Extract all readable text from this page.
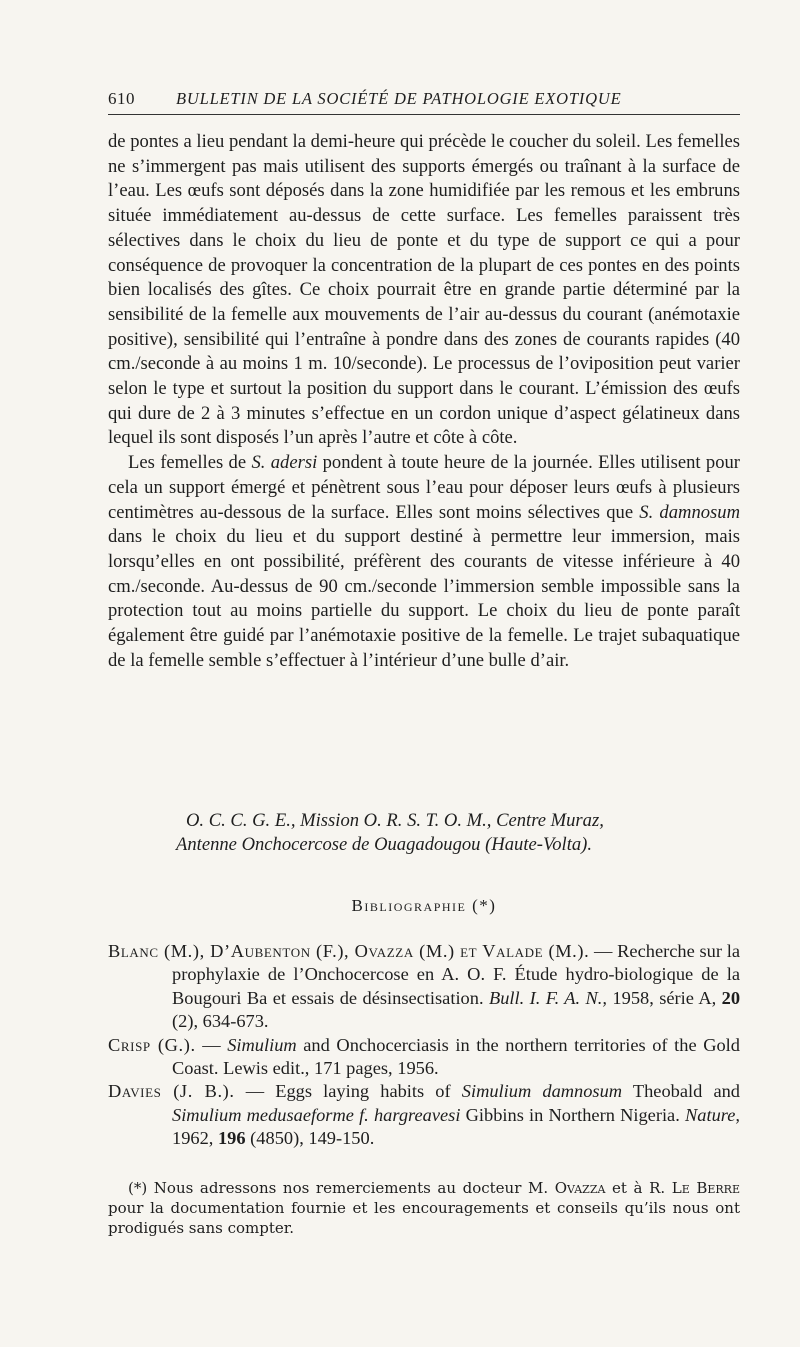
610 BULLETIN DE LA SOCIÉTÉ DE PATHOLOGIE EXOTIQUE

de pontes a lieu pendant la demi-heure qui précède le coucher du soleil. Les femelles ne s’immergent pas mais utilisent des supports émergés ou traînant à la surface de l’eau. Les œufs sont déposés dans la zone humidifiée par les remous et les embruns située immédiatement au-dessus de cette surface. Les femelles paraissent très sélectives dans le choix du lieu de ponte et du type de support ce qui a pour conséquence de provoquer la concentration de la plupart de ces pontes en des points bien localisés des gîtes. Ce choix pourrait être en grande partie déterminé par la sensibilité de la femelle aux mouvements de l’air au-dessus du courant (anémotaxie positive), sensibilité qui l’entraîne à pondre dans des zones de courants rapides (40 cm./seconde à au moins 1 m. 10/seconde). Le processus de l’oviposition peut varier selon le type et surtout la position du support dans le courant. L’émission des œufs qui dure de 2 à 3 minutes s’effectue en un cordon unique d’aspect gélatineux dans lequel ils sont disposés l’un après l’autre et côte à côte.

Les femelles de S. adersi pondent à toute heure de la journée. Elles utilisent pour cela un support émergé et pénètrent sous l’eau pour déposer leurs œufs à plusieurs centimètres au-dessous de la surface. Elles sont moins sélectives que S. damnosum dans le choix du lieu et du support destiné à permettre leur immersion, mais lorsqu’elles en ont possibilité, préfèrent des courants de vitesse inférieure à 40 cm./seconde. Au-dessus de 90 cm./seconde l’immersion semble impossible sans la protection tout au moins partielle du support. Le choix du lieu de ponte paraît également être guidé par l’anémotaxie positive de la femelle. Le trajet subaquatique de la femelle semble s’effectuer à l’intérieur d’une bulle d’air.

O. C. C. G. E., Mission O. R. S. T. O. M., Centre Muraz,
Antenne Onchocercose de Ouagadougou (Haute-Volta).
Bibliographie (*)

Blanc (M.), D’Aubenton (F.), Ovazza (M.) et Valade (M.). — Recherche sur la prophylaxie de l’Onchocercose en A. O. F. Étude hydro-biologique de la Bougouri Ba et essais de désinsectisation. Bull. I. F. A. N., 1958, série A, 20 (2), 634-673.

Crisp (G.). — Simulium and Onchocerciasis in the northern territories of the Gold Coast. Lewis edit., 171 pages, 1956.

Davies (J. B.). — Eggs laying habits of Simulium damnosum Theobald and Simulium medusaeforme f. hargreavesi Gibbins in Northern Nigeria. Nature, 1962, 196 (4850), 149-150.

(*) Nous adressons nos remerciements au docteur M. Ovazza et à R. Le Berre pour la documentation fournie et les encouragements et conseils qu’ils nous ont prodigués sans compter.
